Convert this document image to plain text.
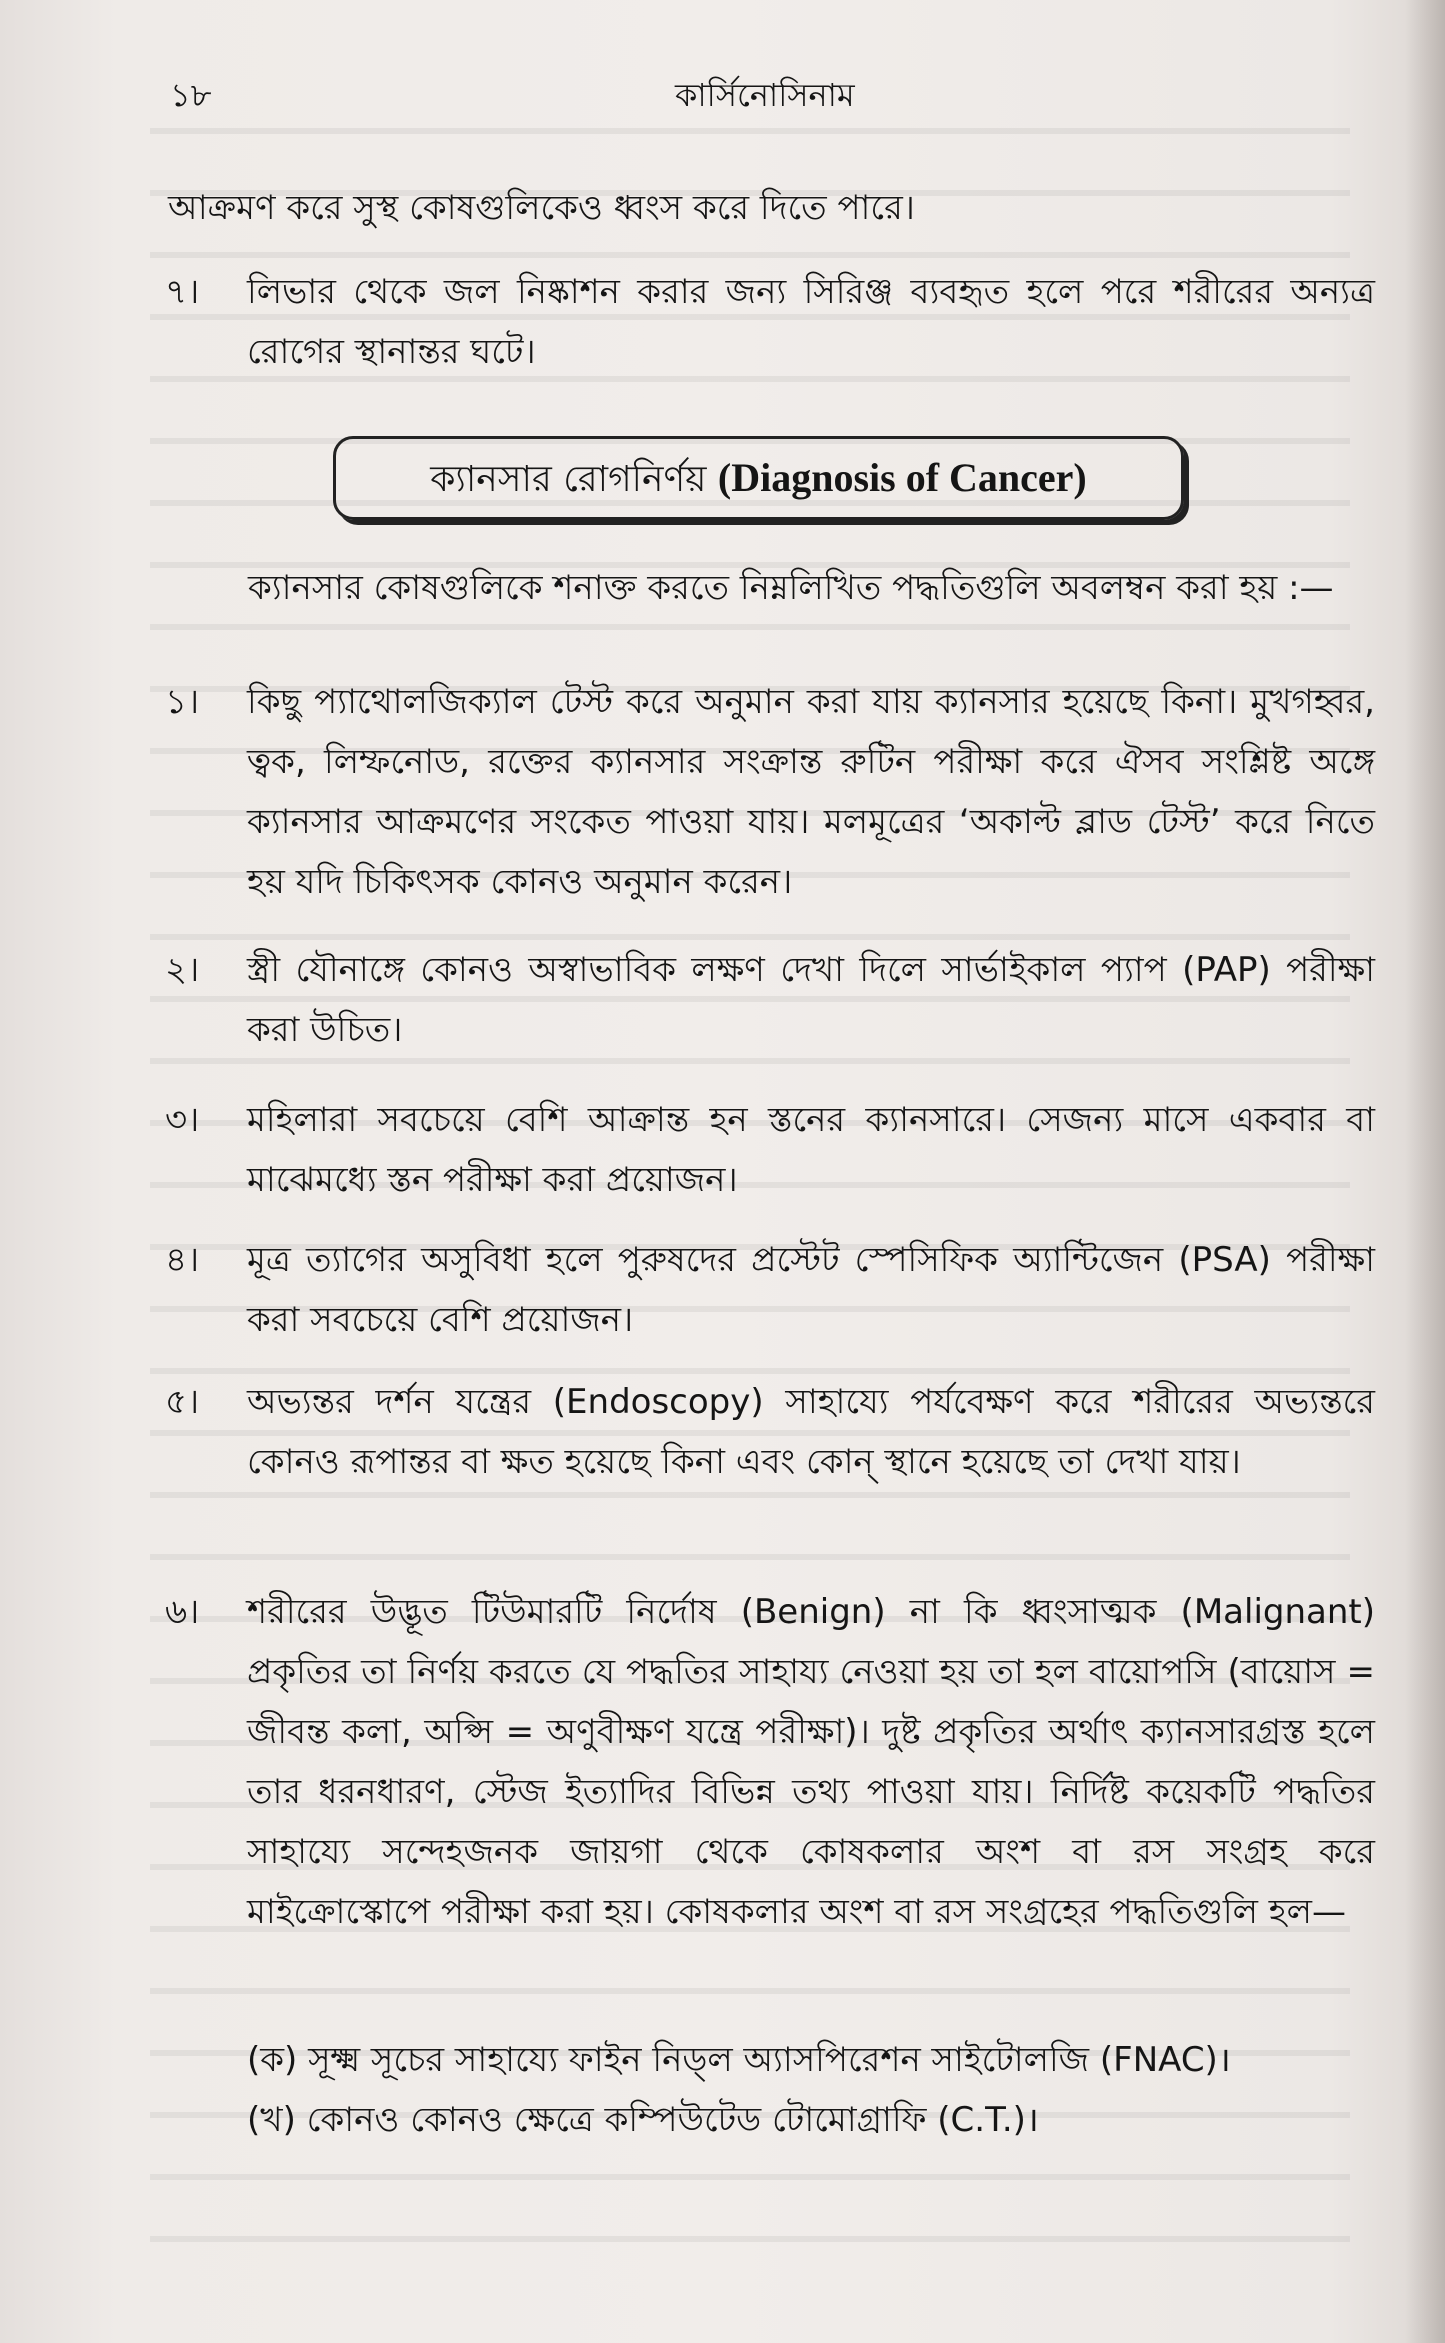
১৮	কার্সিনোসিনাম
আক্রমণ করে সুস্থ কোষগুলিকেও ধ্বংস করে দিতে পারে।
৭।	লিভার থেকে জল নিষ্কাশন করার জন্য সিরিঞ্জ ব্যবহৃত হলে পরে শরীরের অন্যত্র রোগের স্থানান্তর ঘটে।
ক্যানসার রোগনির্ণয় (Diagnosis of Cancer)
ক্যানসার কোষগুলিকে শনাক্ত করতে নিম্নলিখিত পদ্ধতিগুলি অবলম্বন করা হয় :—
১।	কিছু প্যাথোলজিক্যাল টেস্ট করে অনুমান করা যায় ক্যানসার হয়েছে কিনা। মুখগহ্বর, ত্বক, লিম্ফনোড, রক্তের ক্যানসার সংক্রান্ত রুটিন পরীক্ষা করে ঐসব সংশ্লিষ্ট অঙ্গে ক্যানসার আক্রমণের সংকেত পাওয়া যায়। মলমূত্রের ‘অকাল্ট ব্লাড টেস্ট’ করে নিতে হয় যদি চিকিৎসক কোনও অনুমান করেন।
২।	স্ত্রী যৌনাঙ্গে কোনও অস্বাভাবিক লক্ষণ দেখা দিলে সার্ভাইকাল প্যাপ (PAP) পরীক্ষা করা উচিত।
৩।	মহিলারা সবচেয়ে বেশি আক্রান্ত হন স্তনের ক্যানসারে। সেজন্য মাসে একবার বা মাঝেমধ্যে স্তন পরীক্ষা করা প্রয়োজন।
৪।	মূত্র ত্যাগের অসুবিধা হলে পুরুষদের প্রস্টেট স্পেসিফিক অ্যান্টিজেন (PSA) পরীক্ষা করা সবচেয়ে বেশি প্রয়োজন।
৫।	অভ্যন্তর দর্শন যন্ত্রের (Endoscopy) সাহায্যে পর্যবেক্ষণ করে শরীরের অভ্যন্তরে কোনও রূপান্তর বা ক্ষত হয়েছে কিনা এবং কোন্ স্থানে হয়েছে তা দেখা যায়।
৬।	শরীরের উদ্ভূত টিউমারটি নির্দোষ (Benign) না কি ধ্বংসাত্মক (Malignant) প্রকৃতির তা নির্ণয় করতে যে পদ্ধতির সাহায্য নেওয়া হয় তা হল বায়োপসি (বায়োস = জীবন্ত কলা, অপ্সি = অণুবীক্ষণ যন্ত্রে পরীক্ষা)। দুষ্ট প্রকৃতির অর্থাৎ ক্যানসারগ্রস্ত হলে তার ধরনধারণ, স্টেজ ইত্যাদির বিভিন্ন তথ্য পাওয়া যায়। নির্দিষ্ট কয়েকটি পদ্ধতির সাহায্যে সন্দেহজনক জায়গা থেকে কোষকলার অংশ বা রস সংগ্রহ করে মাইক্রোস্কোপে পরীক্ষা করা হয়। কোষকলার অংশ বা রস সংগ্রহের পদ্ধতিগুলি হল—
(ক) সূক্ষ্ম সূচের সাহায্যে ফাইন নিড্‌ল অ্যাসপিরেশন সাইটোলজি (FNAC)।
(খ) কোনও কোনও ক্ষেত্রে কম্পিউটেড টোমোগ্রাফি (C.T.)।
